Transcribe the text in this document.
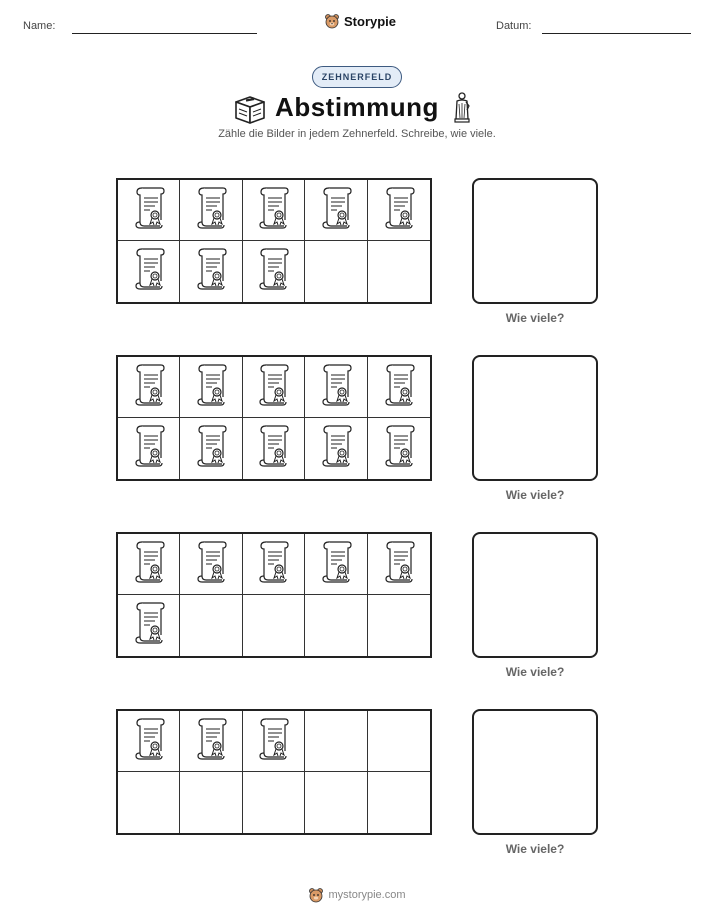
Name:	Storypie	Datum:
ZEHNERFELD
Abstimmung
Zähle die Bilder in jedem Zehnerfeld. Schreibe, wie viele.
Wie viele?
Wie viele?
Wie viele?
Wie viele?
mystorypie.com
